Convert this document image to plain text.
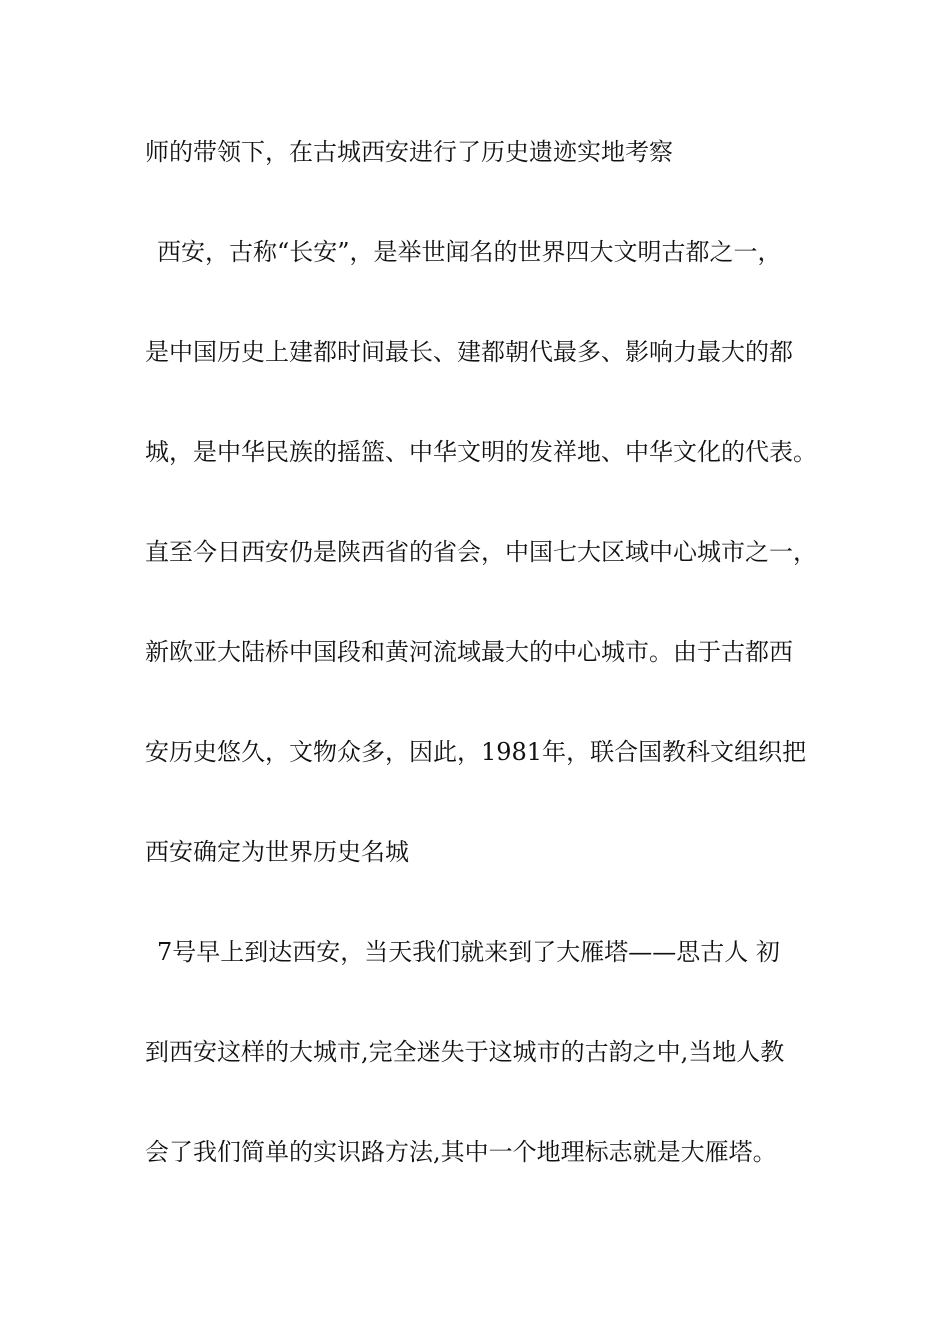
师的带领下，在古城西安进行了历史遗迹实地考察
西安，古称“长安”，是举世闻名的世界四大文明古都之一，
是中国历史上建都时间最长、建都朝代最多、影响力最大的都
城，是中华民族的摇篮、中华文明的发祥地、中华文化的代表。
直至今日西安仍是陕西省的省会，中国七大区域中心城市之一，
新欧亚大陆桥中国段和黄河流域最大的中心城市。由于古都西
安历史悠久，文物众多，因此，1981年，联合国教科文组织把
西安确定为世界历史名城
7号早上到达西安，当天我们就来到了大雁塔——思古人 初
到西安这样的大城市,完全迷失于这城市的古韵之中,当地人教
会了我们简单的实识路方法,其中一个地理标志就是大雁塔。
